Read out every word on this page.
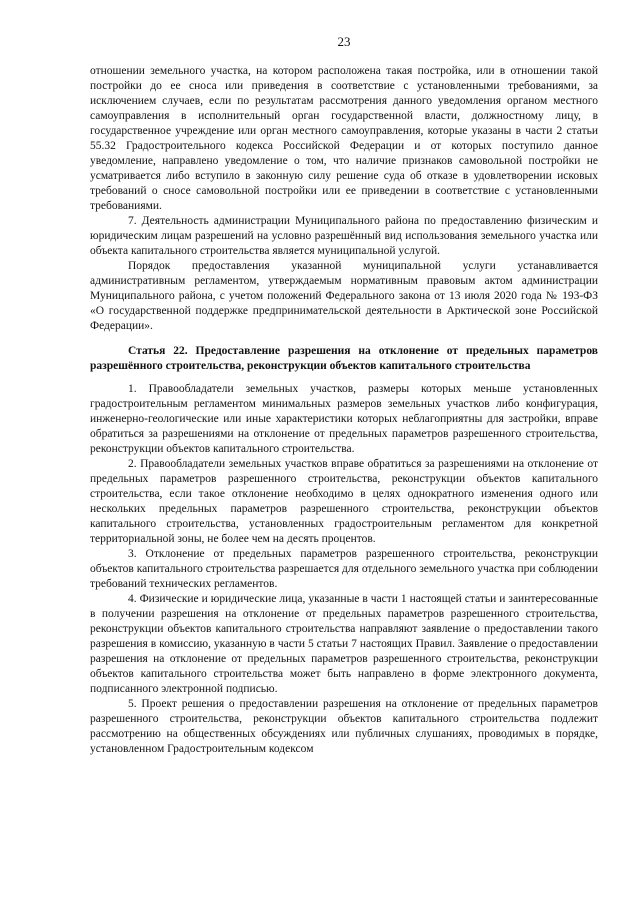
23

отношении земельного участка, на котором расположена такая постройка, или в отношении такой постройки до ее сноса или приведения в соответствие с установленными требованиями, за исключением случаев, если по результатам рассмотрения данного уведомления органом местного самоуправления в исполнительный орган государственной власти, должностному лицу, в государственное учреждение или орган местного самоуправления, которые указаны в части 2 статьи 55.32 Градостроительного кодекса Российской Федерации и от которых поступило данное уведомление, направлено уведомление о том, что наличие признаков самовольной постройки не усматривается либо вступило в законную силу решение суда об отказе в удовлетворении исковых требований о сносе самовольной постройки или ее приведении в соответствие с установленными требованиями.

7. Деятельность администрации Муниципального района по предоставлению физическим и юридическим лицам разрешений на условно разрешённый вид использования земельного участка или объекта капитального строительства является муниципальной услугой.

Порядок предоставления указанной муниципальной услуги устанавливается административным регламентом, утверждаемым нормативным правовым актом администрации Муниципального района, с учетом положений Федерального закона от 13 июля 2020 года № 193-ФЗ «О государственной поддержке предпринимательской деятельности в Арктической зоне Российской Федерации».

Статья 22. Предоставление разрешения на отклонение от предельных параметров разрешённого строительства, реконструкции объектов капитального строительства

1. Правообладатели земельных участков, размеры которых меньше установленных градостроительным регламентом минимальных размеров земельных участков либо конфигурация, инженерно-геологические или иные характеристики которых неблагоприятны для застройки, вправе обратиться за разрешениями на отклонение от предельных параметров разрешенного строительства, реконструкции объектов капитального строительства.

2. Правообладатели земельных участков вправе обратиться за разрешениями на отклонение от предельных параметров разрешенного строительства, реконструкции объектов капитального строительства, если такое отклонение необходимо в целях однократного изменения одного или нескольких предельных параметров разрешенного строительства, реконструкции объектов капитального строительства, установленных градостроительным регламентом для конкретной территориальной зоны, не более чем на десять процентов.

3. Отклонение от предельных параметров разрешенного строительства, реконструкции объектов капитального строительства разрешается для отдельного земельного участка при соблюдении требований технических регламентов.

4. Физические и юридические лица, указанные в части 1 настоящей статьи и заинтересованные в получении разрешения на отклонение от предельных параметров разрешенного строительства, реконструкции объектов капитального строительства направляют заявление о предоставлении такого разрешения в комиссию, указанную в части 5 статьи 7 настоящих Правил. Заявление о предоставлении разрешения на отклонение от предельных параметров разрешенного строительства, реконструкции объектов капитального строительства может быть направлено в форме электронного документа, подписанного электронной подписью.

5. Проект решения о предоставлении разрешения на отклонение от предельных параметров разрешенного строительства, реконструкции объектов капитального строительства подлежит рассмотрению на общественных обсуждениях или публичных слушаниях, проводимых в порядке, установленном Градостроительным кодексом
